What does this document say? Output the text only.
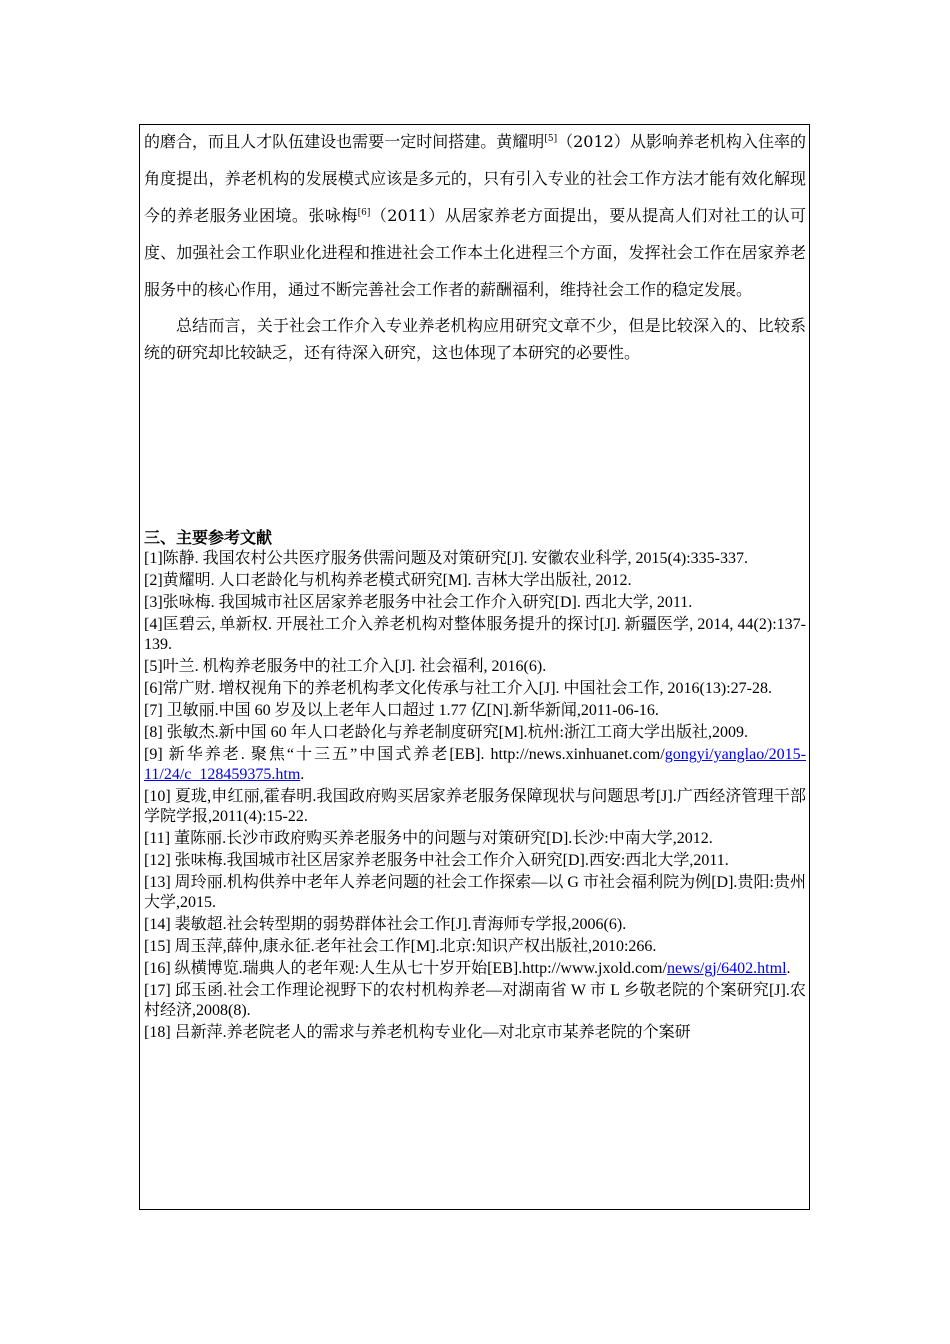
的磨合，而且人才队伍建设也需要一定时间搭建。黄耀明[5]（2012）从影响养老机构入住率的角度提出，养老机构的发展模式应该是多元的，只有引入专业的社会工作方法才能有效化解现今的养老服务业困境。张咏梅[6]（2011）从居家养老方面提出，要从提高人们对社工的认可度、加强社会工作职业化进程和推进社会工作本土化进程三个方面，发挥社会工作在居家养老服务中的核心作用，通过不断完善社会工作者的薪酬福利，维持社会工作的稳定发展。

总结而言，关于社会工作介入专业养老机构应用研究文章不少，但是比较深入的、比较系统的研究却比较缺乏，还有待深入研究，这也体现了本研究的必要性。

三、主要参考文献

[1]陈静. 我国农村公共医疗服务供需问题及对策研究[J]. 安徽农业科学, 2015(4):335-337.

[2]黄耀明. 人口老龄化与机构养老模式研究[M]. 吉林大学出版社, 2012.

[3]张咏梅. 我国城市社区居家养老服务中社会工作介入研究[D]. 西北大学, 2011.

[4]匡碧云, 单新权. 开展社工介入养老机构对整体服务提升的探讨[J]. 新疆医学, 2014, 44(2):137-139.

[5]叶兰. 机构养老服务中的社工介入[J]. 社会福利, 2016(6).

[6]常广财. 增权视角下的养老机构孝文化传承与社工介入[J]. 中国社会工作, 2016(13):27-28.

[7] 卫敏丽.中国 60 岁及以上老年人口超过 1.77 亿[N].新华新闻,2011-06-16.

[8] 张敏杰.新中国 60 年人口老龄化与养老制度研究[M].杭州:浙江工商大学出版社,2009.

[9] 新华养老. 聚焦“十三五”中国式养老[EB]. http://news.xinhuanet.com/gongyi/yanglao/2015-11/24/c_128459375.htm.

[10] 夏珑,申红丽,霍春明.我国政府购买居家养老服务保障现状与问题思考[J].广西经济管理干部学院学报,2011(4):15-22.

[11] 董陈丽.长沙市政府购买养老服务中的问题与对策研究[D].长沙:中南大学,2012.

[12] 张味梅.我国城市社区居家养老服务中社会工作介入研究[D].西安:西北大学,2011.

[13] 周玲丽.机构供养中老年人养老问题的社会工作探索—以 G 市社会福利院为例[D].贵阳:贵州大学,2015.

[14] 裴敏超.社会转型期的弱势群体社会工作[J].青海师专学报,2006(6).

[15] 周玉萍,薛仲,康永征.老年社会工作[M].北京:知识产权出版社,2010:266.

[16] 纵横博览.瑞典人的老年观:人生从七十岁开始[EB].http://www.jxold.com/news/gj/6402.html.

[17] 邱玉函.社会工作理论视野下的农村机构养老—对湖南省 W 市 L 乡敬老院的个案研究[J].农村经济,2008(8).

[18] 吕新萍.养老院老人的需求与养老机构专业化—对北京市某养老院的个案研
